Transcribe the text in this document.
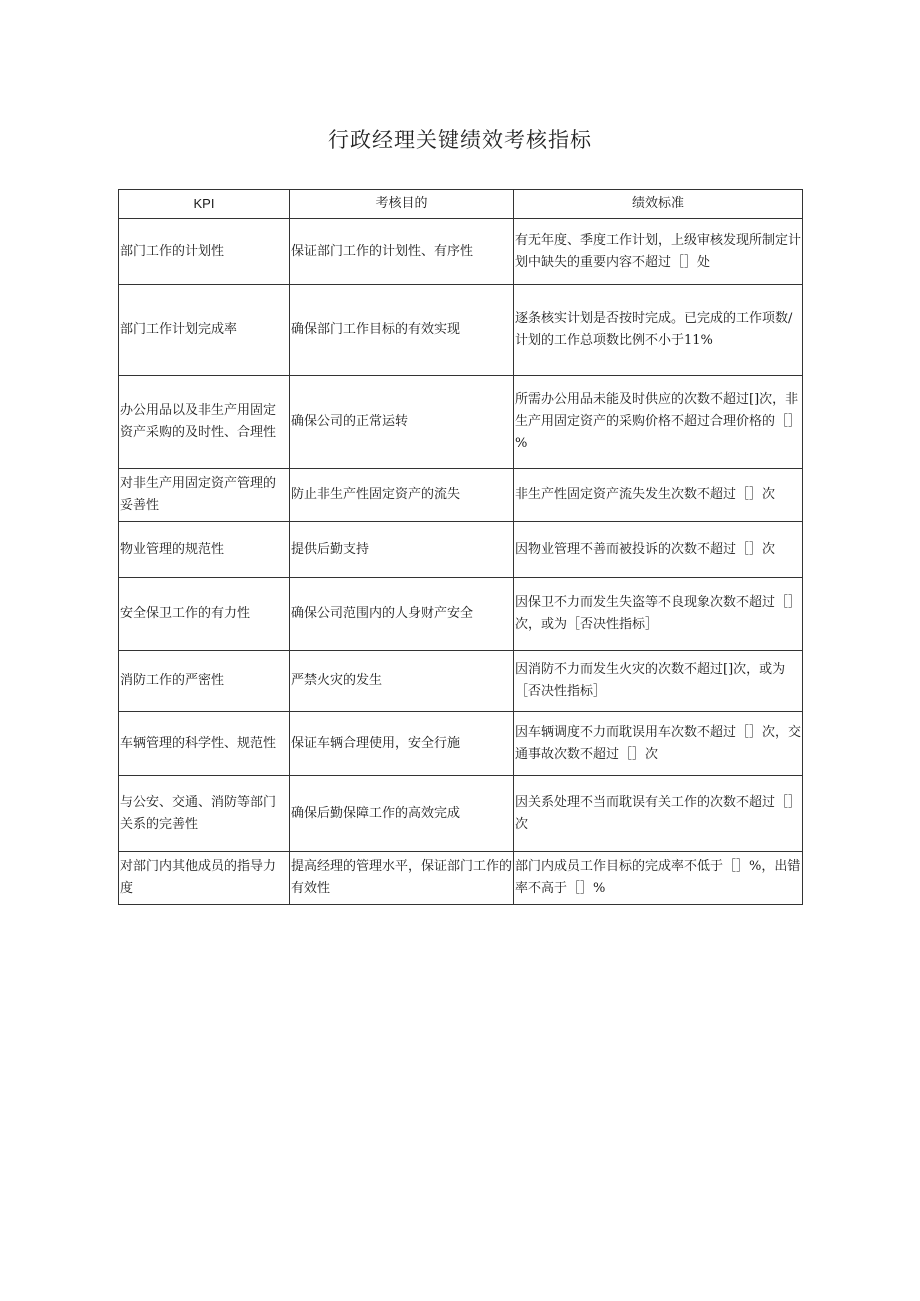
行政经理关键绩效考核指标
KPI	考核目的	绩效标准
部门工作的计划性	保证部门工作的计划性、有序性	有无年度、季度工作计划，上级审核发现所制定计划中缺失的重要内容不超过［］处
部门工作计划完成率	确保部门工作目标的有效实现	逐条核实计划是否按时完成。已完成的工作项数/计划的工作总项数比例不小于11%
办公用品以及非生产用固定资产采购的及时性、合理性	确保公司的正常运转	所需办公用品未能及时供应的次数不超过[]次，非生产用固定资产的采购价格不超过合理价格的［］%
对非生产用固定资产管理的妥善性	防止非生产性固定资产的流失	非生产性固定资产流失发生次数不超过［］次
物业管理的规范性	提供后勤支持	因物业管理不善而被投诉的次数不超过［］次
安全保卫工作的有力性	确保公司范围内的人身财产安全	因保卫不力而发生失盗等不良现象次数不超过［］次，或为［否决性指标］
消防工作的严密性	严禁火灾的发生	因消防不力而发生火灾的次数不超过[]次，或为［否决性指标］
车辆管理的科学性、规范性	保证车辆合理使用，安全行施	因车辆调度不力而耽误用车次数不超过［］次，交通事故次数不超过［］次
与公安、交通、消防等部门关系的完善性	确保后勤保障工作的高效完成	因关系处理不当而耽误有关工作的次数不超过［］次
对部门内其他成员的指导力度	提高经理的管理水平，保证部门工作的有效性	部门内成员工作目标的完成率不低于［］%，出错率不高于［］%
